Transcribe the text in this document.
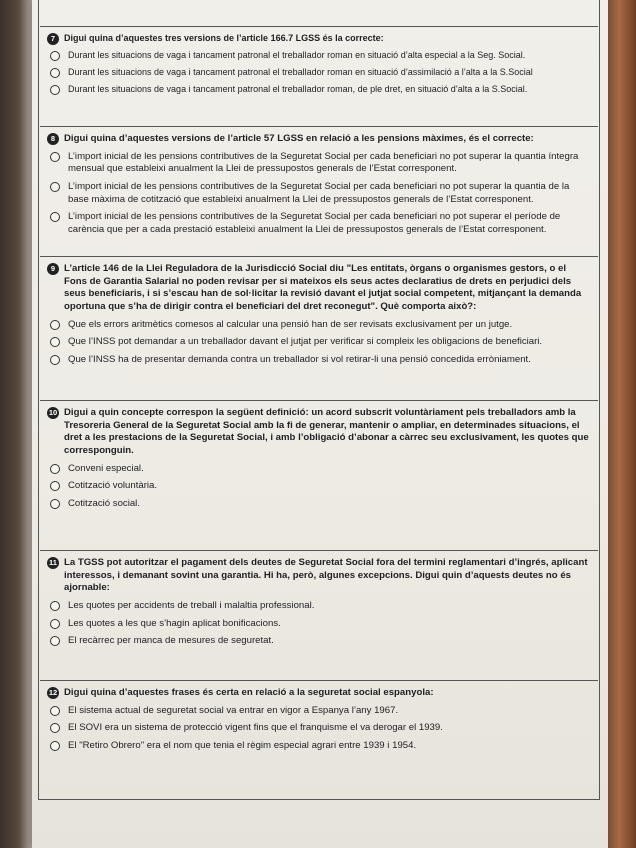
7 Digui quina d’aquestes tres versions de l’article 166.7 LGSS és la correcte:
Durant les situacions de vaga i tancament patronal el treballador roman en situació d’alta especial a la Seg. Social.
Durant les situacions de vaga i tancament patronal el treballador roman en situació d’assimilació a l’alta a la S.Social
Durant les situacions de vaga i tancament patronal el treballador roman, de ple dret, en situació d’alta a la S.Social.
8 Digui quina d’aquestes versions de l’article 57 LGSS en relació a les pensions màximes, és el correcte:
L’import inicial de les pensions contributives de la Seguretat Social per cada beneficiari no pot superar la quantia íntegra mensual que estableixi anualment la Llei de pressupostos generals de l’Estat corresponent.
L’import inicial de les pensions contributives de la Seguretat Social per cada beneficiari no pot superar la quantia de la base màxima de cotització que estableixi anualment la Llei de pressupostos generals de l’Estat corresponent.
L’import inicial de les pensions contributives de la Seguretat Social per cada beneficiari no pot superar el període de carència que per a cada prestació estableixi anualment la Llei de pressupostos generals de l’Estat corresponent.
9 L’article 146 de la Llei Reguladora de la Jurisdicció Social diu "Les entitats, òrgans o organismes gestors, o el Fons de Garantia Salarial no poden revisar per si mateixos els seus actes declaratius de drets en perjudici dels seus beneficiaris, i si s’escau han de sol·licitar la revisió davant el jutjat social competent, mitjançant la demanda oportuna que s’ha de dirigir contra el beneficiari del dret reconegut". Què comporta això?:
Que els errors aritmètics comesos al calcular una pensió han de ser revisats exclusivament per un jutge.
Que l’INSS pot demandar a un treballador davant el jutjat per verificar si compleix les obligacions de beneficiari.
Que l’INSS ha de presentar demanda contra un treballador si vol retirar-li una pensió concedida erròniament.
10 Digui a quin concepte correspon la següent definició: un acord subscrit voluntàriament pels treballadors amb la Tresoreria General de la Seguretat Social amb la fi de generar, mantenir o ampliar, en determinades situacions, el dret a les prestacions de la Seguretat Social, i amb l’obligació d’abonar a càrrec seu exclusivament, les quotes que corresponguin.
Conveni especial.
Cotització voluntària.
Cotització social.
11 La TGSS pot autoritzar el pagament dels deutes de Seguretat Social fora del termini reglamentari d’ingrés, aplicant interessos, i demanant sovint una garantia. Hi ha, però, algunes excepcions. Digui quin d’aquests deutes no és ajornable:
Les quotes per accidents de treball i malaltia professional.
Les quotes a les que s’hagin aplicat bonificacions.
El recàrrec per manca de mesures de seguretat.
12 Digui quina d’aquestes frases és certa en relació a la seguretat social espanyola:
El sistema actual de seguretat social va entrar en vigor a Espanya l’any 1967.
El SOVI era un sistema de protecció vigent fins que el franquisme el va derogar el 1939.
El "Retiro Obrero" era el nom que tenia el règim especial agrari entre 1939 i 1954.
